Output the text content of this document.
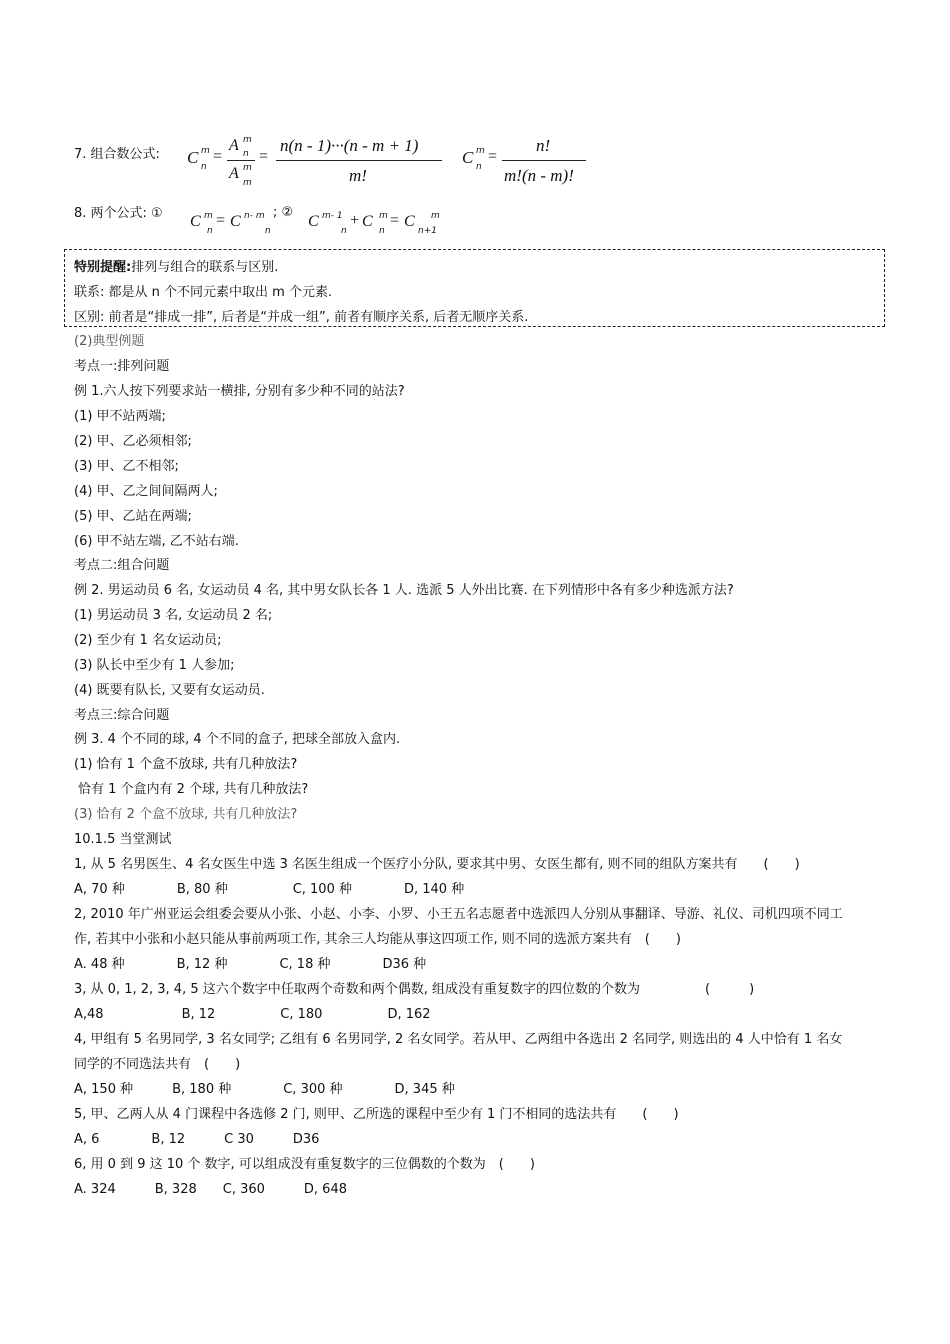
7. 组合数公式: C m
n
=
A m
n
A m
m
=
n(n - 1)···(n - m + 1)
m!
C m
n
=
n!
m!(n - m)!
8. 两个公式: ① C m
n
= C n- m
n
; ②
C m- 1
n
+ C m
n
= C m
n+1
特别提醒:排列与组合的联系与区别.
联系: 都是从 n 个不同元素中取出 m 个元素.
区别: 前者是“排成一排”, 后者是“并成一组”, 前者有顺序关系, 后者无顺序关系.
(2)典型例题
考点一:排列问题
例 1.六人按下列要求站一横排, 分别有多少种不同的站法?
(1) 甲不站两端;
(2) 甲、乙必须相邻;
(3) 甲、乙不相邻;
(4) 甲、乙之间间隔两人;
(5) 甲、乙站在两端;
(6) 甲不站左端, 乙不站右端.
考点二:组合问题
例 2. 男运动员 6 名, 女运动员 4 名, 其中男女队长各 1 人. 选派 5 人外出比赛. 在下列情形中各有多少种选派方法?
(1) 男运动员 3 名, 女运动员 2 名;
(2) 至少有 1 名女运动员;
(3) 队长中至少有 1 人参加;
(4) 既要有队长, 又要有女运动员.
考点三:综合问题
例 3. 4 个不同的球, 4 个不同的盒子, 把球全部放入盒内.
(1) 恰有 1 个盒不放球, 共有几种放法?
恰有 1 个盒内有 2 个球, 共有几种放法?
(3) 恰有 2 个盒不放球, 共有几种放法?
10.1.5 当堂测试
1, 从 5 名男医生、4 名女医生中选 3 名医生组成一个医疗小分队, 要求其中男、女医生都有, 则不同的组队方案共有　　(　　)
A, 70 种　　　　B, 80 种　　　　　C, 100 种　　　　D, 140 种
2, 2010 年广州亚运会组委会要从小张、小赵、小李、小罗、小王五名志愿者中选派四人分别从事翻译、导游、礼仪、司机四项不同工
作, 若其中小张和小赵只能从事前两项工作, 其余三人均能从事这四项工作, 则不同的选派方案共有　(　　)
A. 48 种　　　　B, 12 种　　　　C, 18 种　　　　D36 种
3, 从 0, 1, 2, 3, 4, 5 这六个数字中任取两个奇数和两个偶数, 组成没有重复数字的四位数的个数为　　　　　(　　　)
A,48　　　　　　B, 12　　　　　C, 180　　　　　D, 162
4, 甲组有 5 名男同学, 3 名女同学; 乙组有 6 名男同学, 2 名女同学。若从甲、乙两组中各选出 2 名同学, 则选出的 4 人中恰有 1 名女
同学的不同选法共有　(　　)
A, 150 种　　　B, 180 种　　　　C, 300 种　　　　D, 345 种
5, 甲、乙两人从 4 门课程中各选修 2 门, 则甲、乙所选的课程中至少有 1 门不相同的选法共有　　(　　)
A, 6　　　　B, 12　　　C 30　　　D36
6, 用 0 到 9 这 10 个 数字, 可以组成没有重复数字的三位偶数的个数为　(　　)
A. 324　　　B, 328　　C, 360　　　D, 648
